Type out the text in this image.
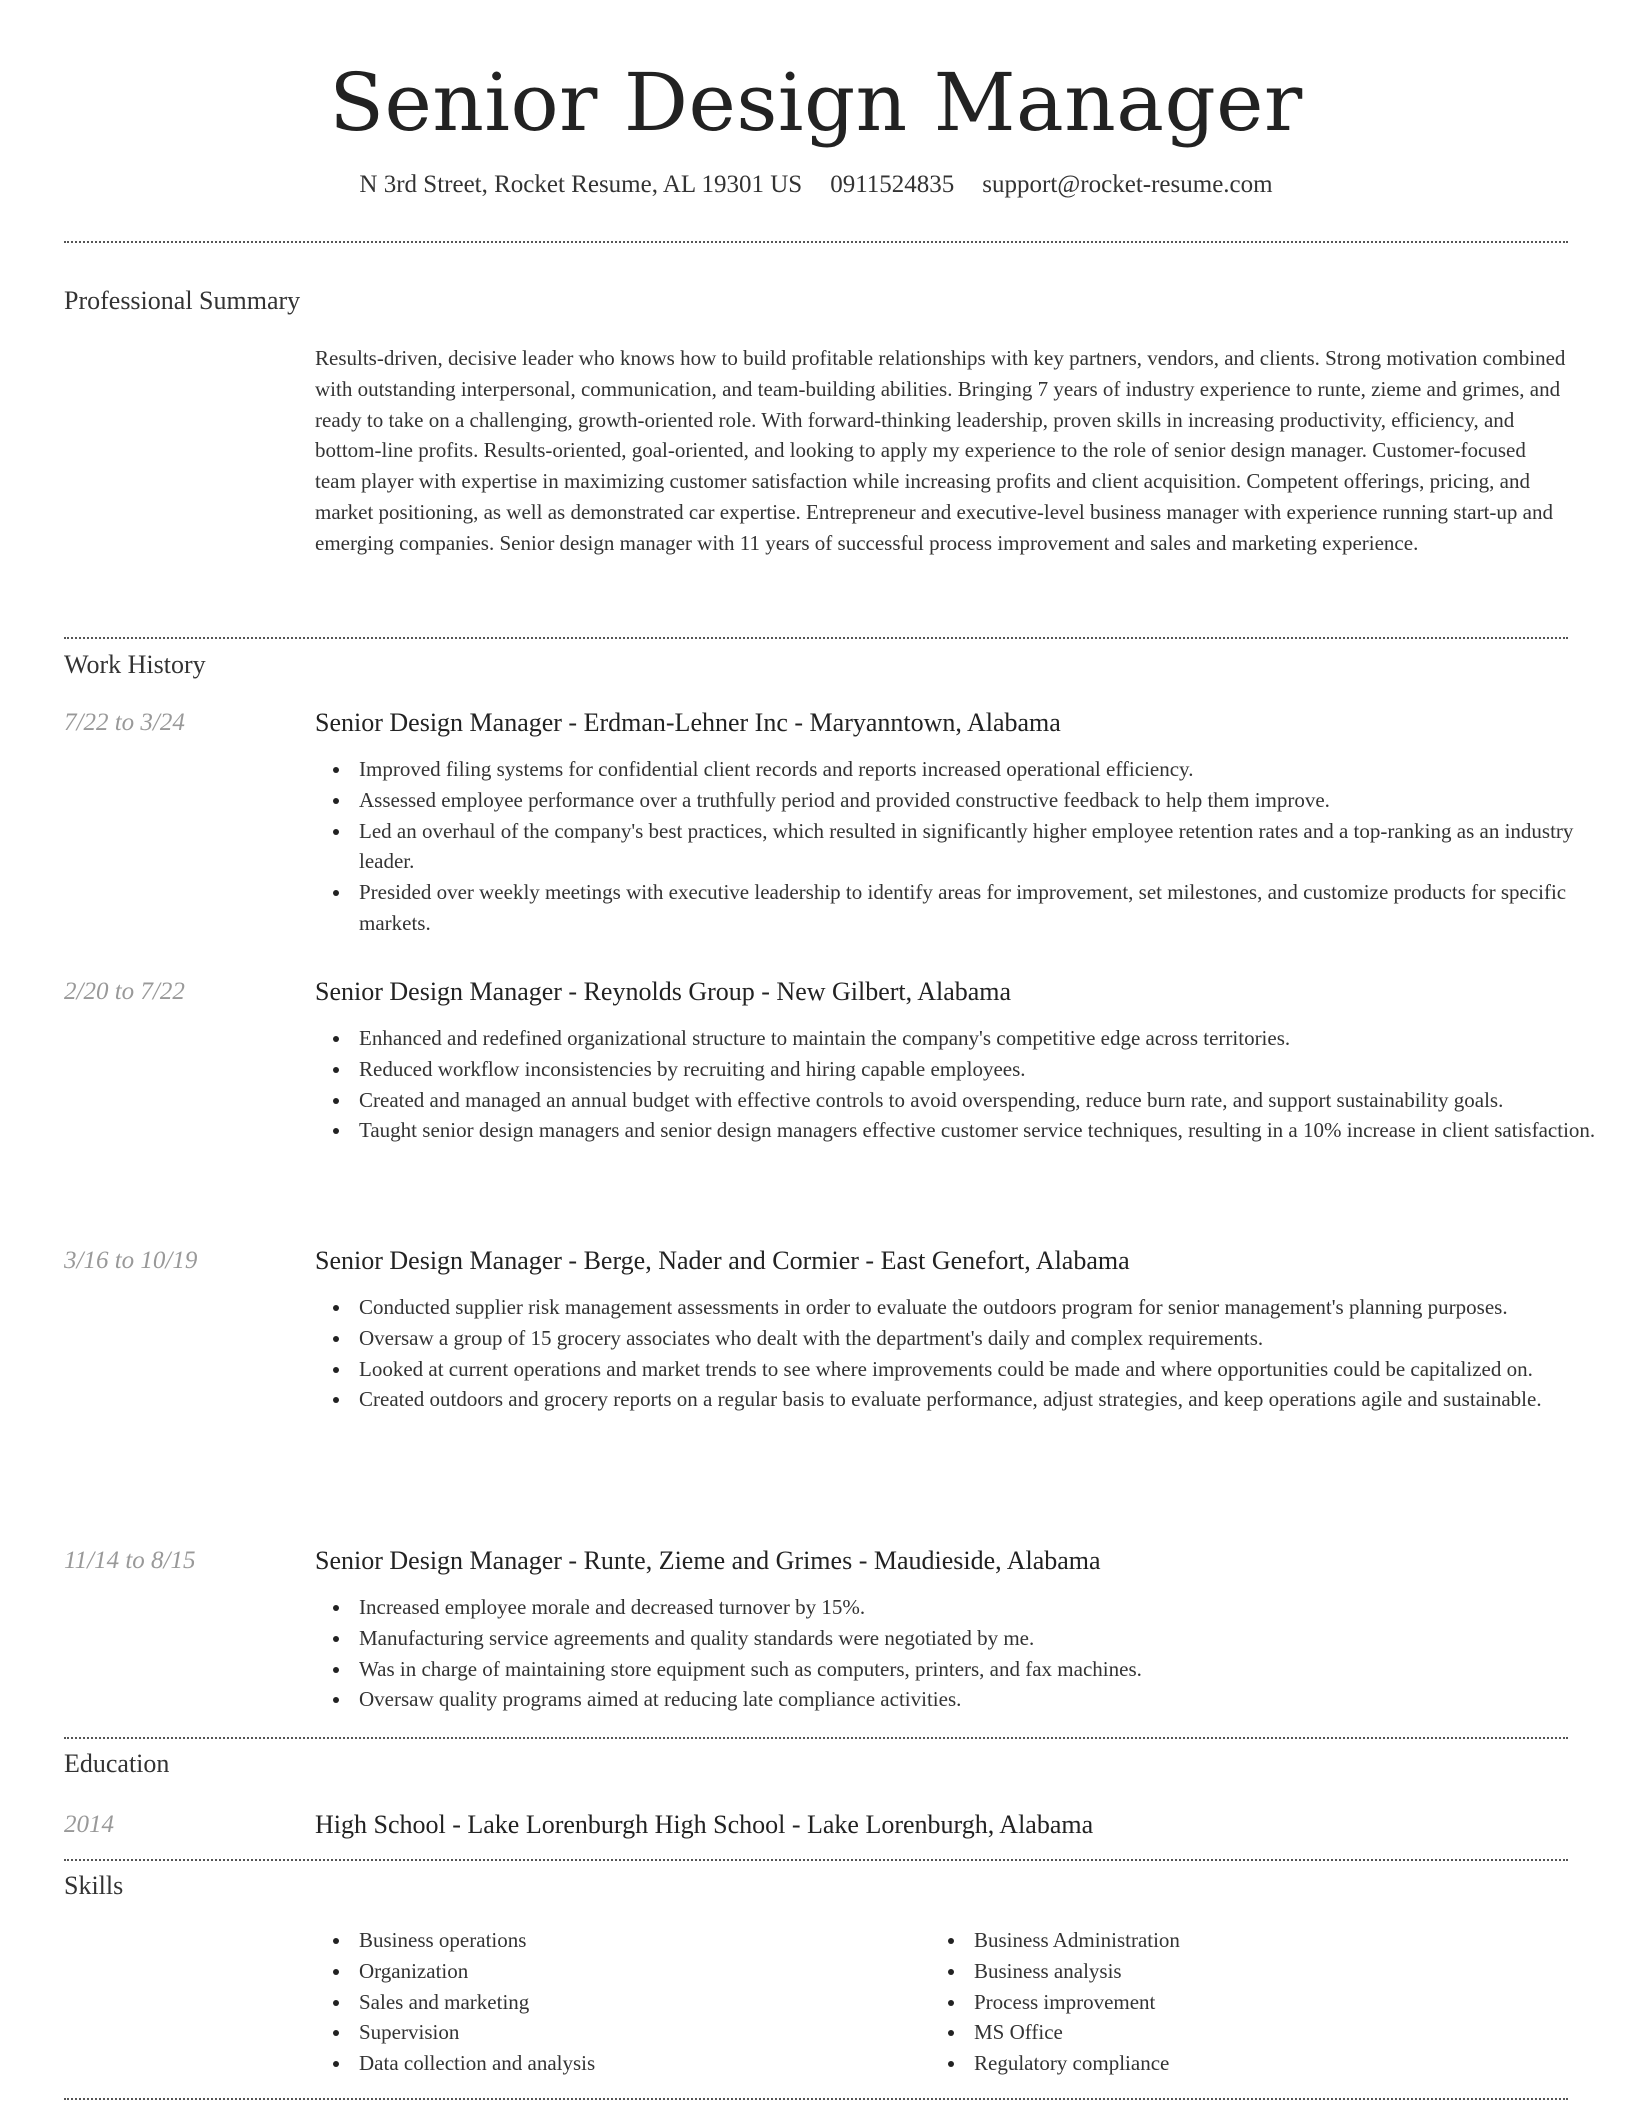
Senior Design Manager
N 3rd Street, Rocket Resume, AL 19301 US 0911524835 support@rocket-resume.com
Professional Summary
Results-driven, decisive leader who knows how to build profitable relationships with key partners, vendors, and clients. Strong motivation combined with outstanding interpersonal, communication, and team-building abilities. Bringing 7 years of industry experience to runte, zieme and grimes, and ready to take on a challenging, growth-oriented role. With forward-thinking leadership, proven skills in increasing productivity, efficiency, and bottom-line profits. Results-oriented, goal-oriented, and looking to apply my experience to the role of senior design manager. Customer-focused team player with expertise in maximizing customer satisfaction while increasing profits and client acquisition. Competent offerings, pricing, and market positioning, as well as demonstrated car expertise. Entrepreneur and executive-level business manager with experience running start-up and emerging companies. Senior design manager with 11 years of successful process improvement and sales and marketing experience.
Work History
7/22 to 3/24	Senior Design Manager - Erdman-Lehner Inc - Maryanntown, Alabama
Improved filing systems for confidential client records and reports increased operational efficiency.
Assessed employee performance over a truthfully period and provided constructive feedback to help them improve.
Led an overhaul of the company's best practices, which resulted in significantly higher employee retention rates and a top-ranking as an industry leader.
Presided over weekly meetings with executive leadership to identify areas for improvement, set milestones, and customize products for specific markets.
2/20 to 7/22	Senior Design Manager - Reynolds Group - New Gilbert, Alabama
Enhanced and redefined organizational structure to maintain the company's competitive edge across territories.
Reduced workflow inconsistencies by recruiting and hiring capable employees.
Created and managed an annual budget with effective controls to avoid overspending, reduce burn rate, and support sustainability goals.
Taught senior design managers and senior design managers effective customer service techniques, resulting in a 10% increase in client satisfaction.
3/16 to 10/19	Senior Design Manager - Berge, Nader and Cormier - East Genefort, Alabama
Conducted supplier risk management assessments in order to evaluate the outdoors program for senior management's planning purposes.
Oversaw a group of 15 grocery associates who dealt with the department's daily and complex requirements.
Looked at current operations and market trends to see where improvements could be made and where opportunities could be capitalized on.
Created outdoors and grocery reports on a regular basis to evaluate performance, adjust strategies, and keep operations agile and sustainable.
11/14 to 8/15	Senior Design Manager - Runte, Zieme and Grimes - Maudieside, Alabama
Increased employee morale and decreased turnover by 15%.
Manufacturing service agreements and quality standards were negotiated by me.
Was in charge of maintaining store equipment such as computers, printers, and fax machines.
Oversaw quality programs aimed at reducing late compliance activities.
Education
2014	High School - Lake Lorenburgh High School - Lake Lorenburgh, Alabama
Skills
Business operations
Organization
Sales and marketing
Supervision
Data collection and analysis
Business Administration
Business analysis
Process improvement
MS Office
Regulatory compliance
